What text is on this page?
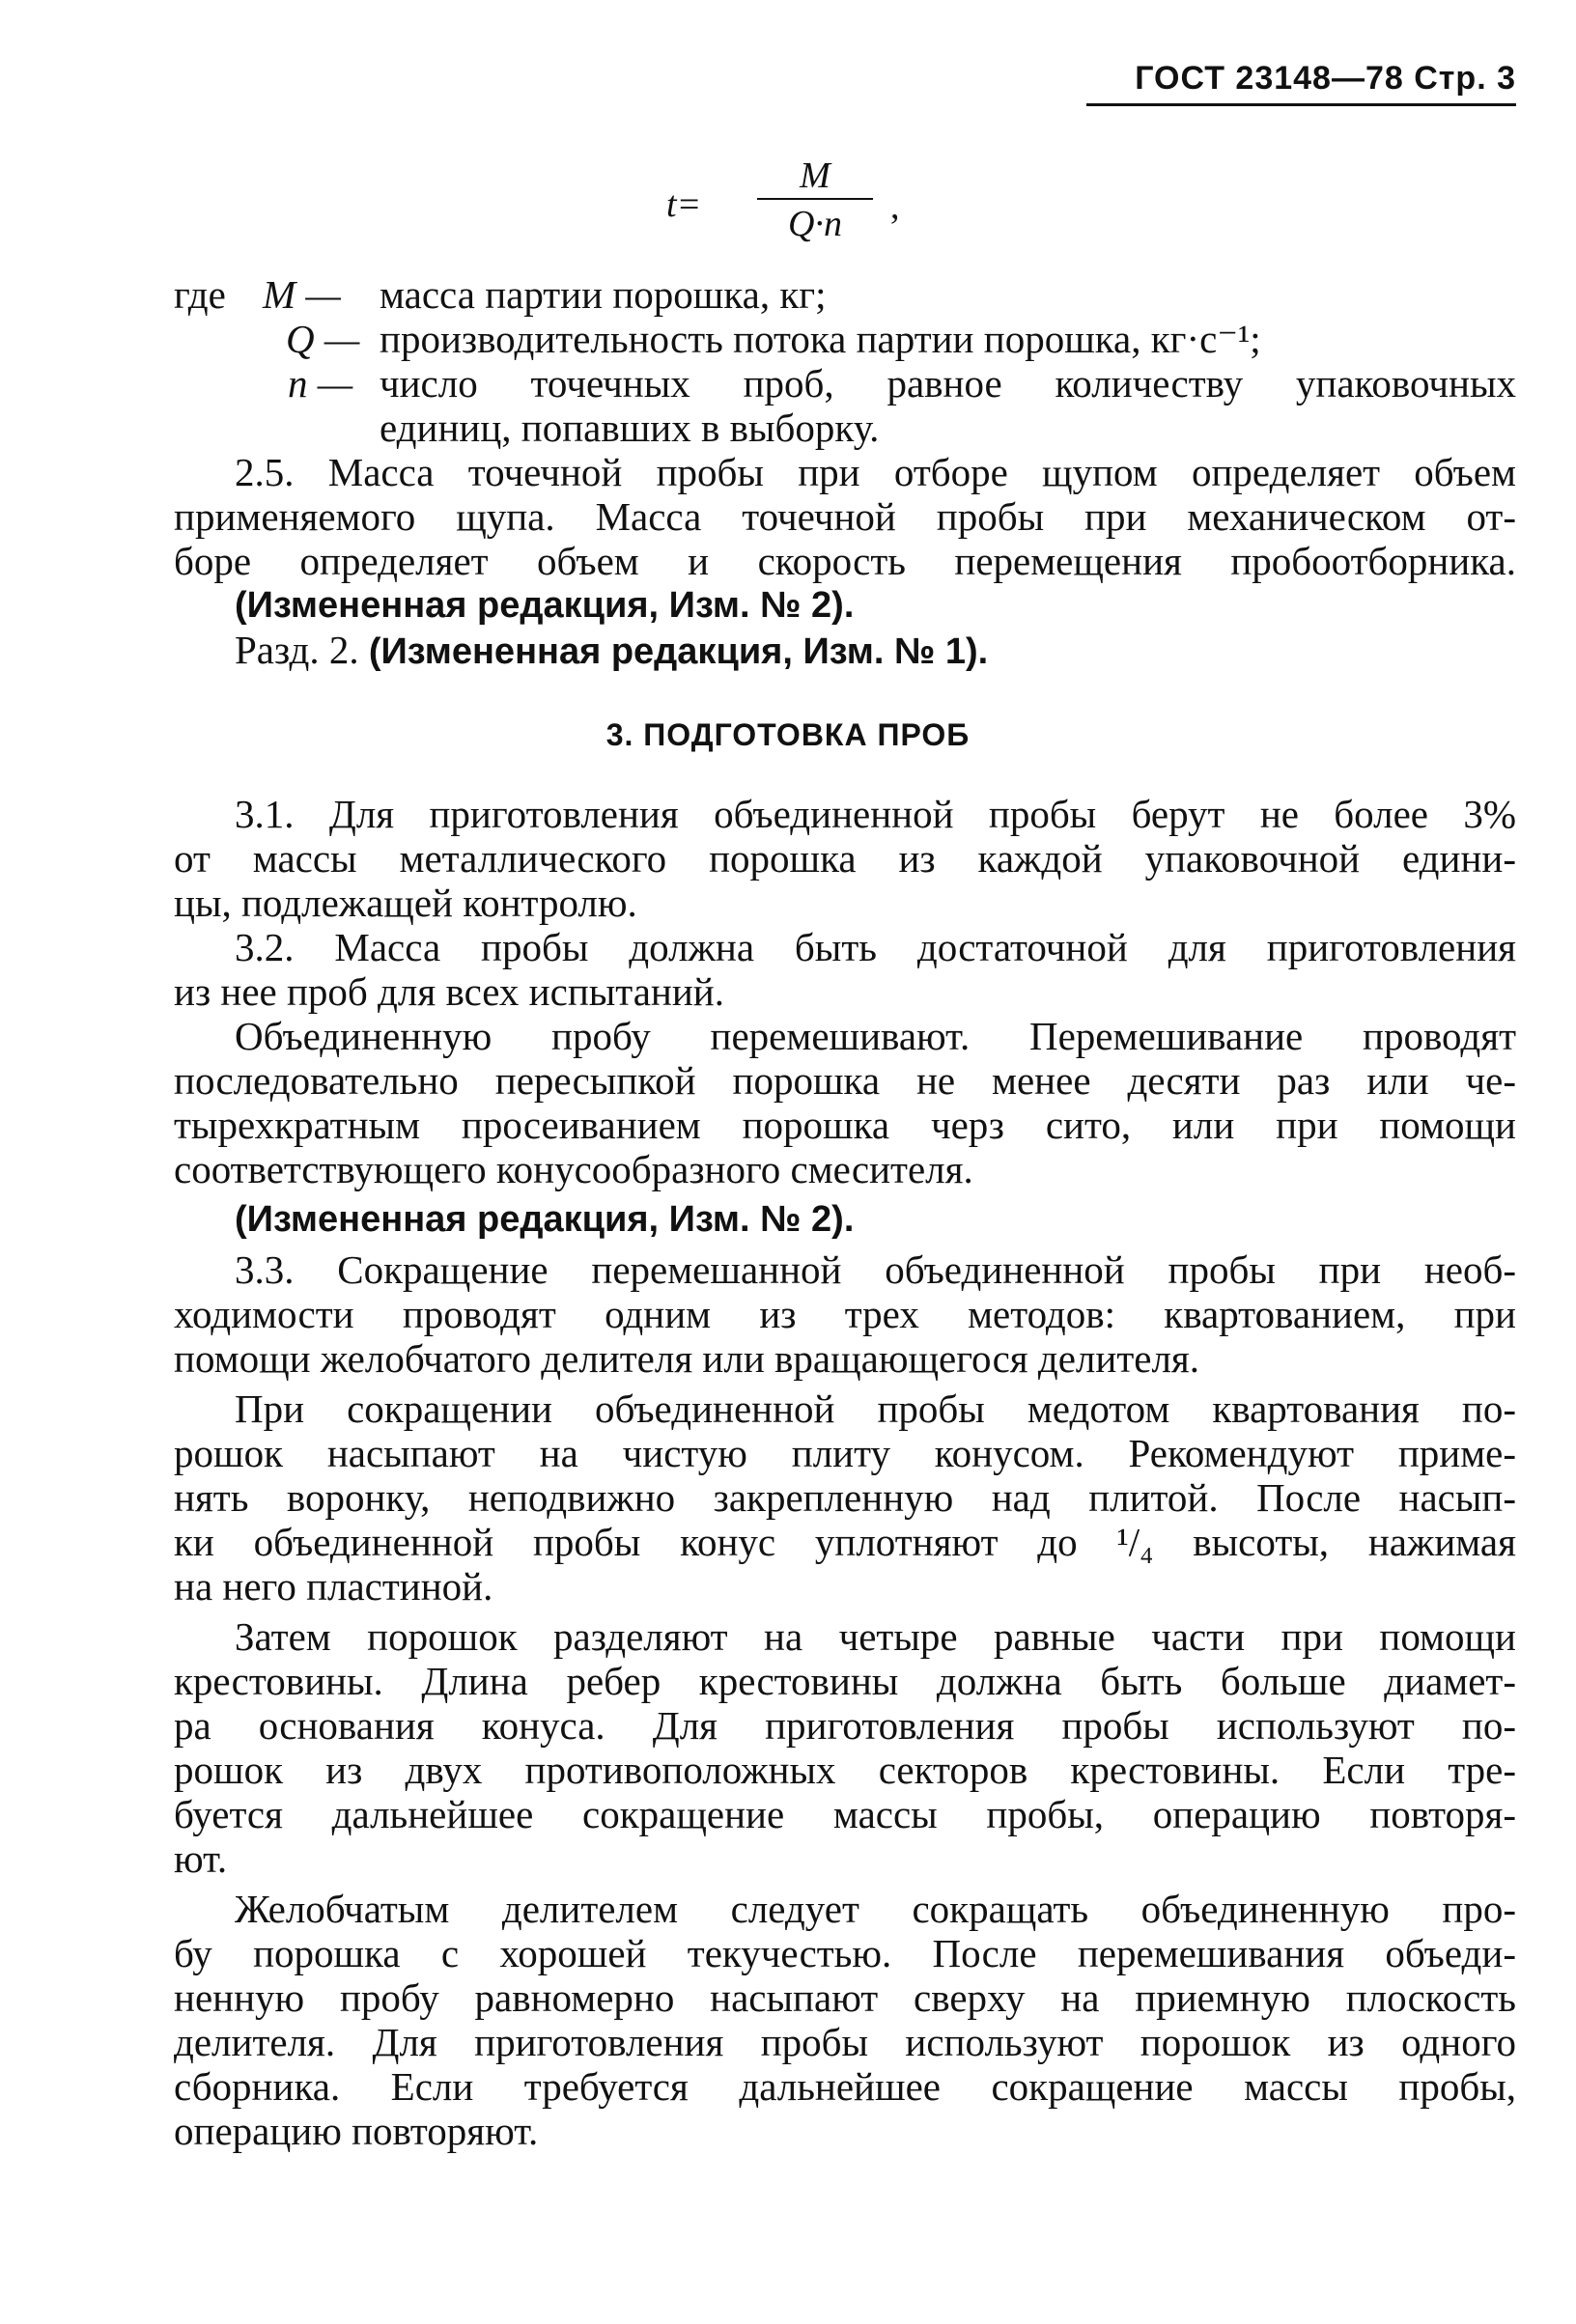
ГОСТ 23148—78 Стр. 3
t=
M
Q·n	,
где M — масса партии порошка, кг;
Q — производительность потока партии порошка, кг·с⁻¹;
n — число точечных проб, равное количеству упаковочных
единиц, попавших в выборку.
2.5. Масса точечной пробы при отборе щупом определяет объем
применяемого щупа. Масса точечной пробы при механическом от-
боре определяет объем и скорость перемещения пробоотборника.
(Измененная редакция, Изм. № 2).
Разд. 2. (Измененная редакция, Изм. № 1).
3. ПОДГОТОВКА ПРОБ
3.1. Для приготовления объединенной пробы берут не более 3%
от массы металлического порошка из каждой упаковочной едини-
цы, подлежащей контролю.
3.2. Масса пробы должна быть достаточной для приготовления
из нее проб для всех испытаний.
Объединенную пробу перемешивают. Перемешивание проводят
последовательно пересыпкой порошка не менее десяти раз или че-
тырехкратным просеиванием порошка черз сито, или при помощи
соответствующего конусообразного смесителя.
(Измененная редакция, Изм. № 2).
3.3. Сокращение перемешанной объединенной пробы при необ-
ходимости проводят одним из трех методов: квартованием, при
помощи желобчатого делителя или вращающегося делителя.
При сокращении объединенной пробы медотом квартования по-
рошок насыпают на чистую плиту конусом. Рекомендуют приме-
нять воронку, неподвижно закрепленную над плитой. После насып-
ки объединенной пробы конус уплотняют до ¹/₄ высоты, нажимая
на него пластиной.
Затем порошок разделяют на четыре равные части при помощи
крестовины. Длина ребер крестовины должна быть больше диамет-
ра основания конуса. Для приготовления пробы используют по-
рошок из двух противоположных секторов крестовины. Если тре-
буется дальнейшее сокращение массы пробы, операцию повторя-
ют.
Желобчатым делителем следует сокращать объединенную про-
бу порошка с хорошей текучестью. После перемешивания объеди-
ненную пробу равномерно насыпают сверху на приемную плоскость
делителя. Для приготовления пробы используют порошок из одного
сборника. Если требуется дальнейшее сокращение массы пробы,
операцию повторяют.
